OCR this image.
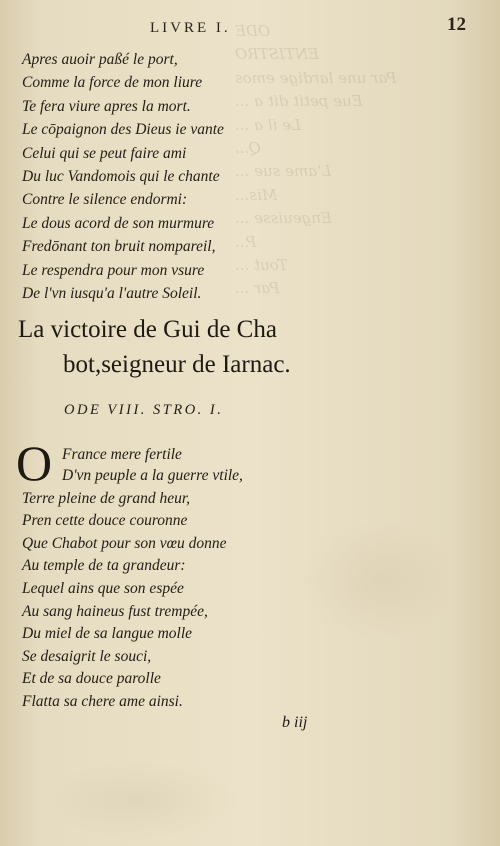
ODE
ENTISTRO
Par une lardige emos
Eue petit dit a ...
Le il a ...
Q...
L'ame sue ...
Mis...
Engeuisse ...
P...
Tout ...
Par ...
LIVRE I.	12
Apres auoir paßé le port,
Comme la force de mon liure
Te fera viure apres la mort.
Le cōpaignon des Dieus ie vante
Celui qui se peut faire ami
Du luc Vandomois qui le chante
Contre le silence endormi:
Le dous acord de son murmure
Fredōnant ton bruit nompareil,
Le respendra pour mon vsure
De l'vn iusqu'a l'autre Soleil.
La victoire de Gui de Cha
bot,seigneur de Iarnac.
ODE VIII. STRO. I.
O France mere fertile
D'vn peuple a la guerre vtile,
Terre pleine de grand heur,
Pren cette douce couronne
Que Chabot pour son vœu donne
Au temple de ta grandeur:
Lequel ains que son espée
Au sang haineus fust trempée,
Du miel de sa langue molle
Se desaigrit le souci,
Et de sa douce parolle
Flatta sa chere ame ainsi.
b iij
